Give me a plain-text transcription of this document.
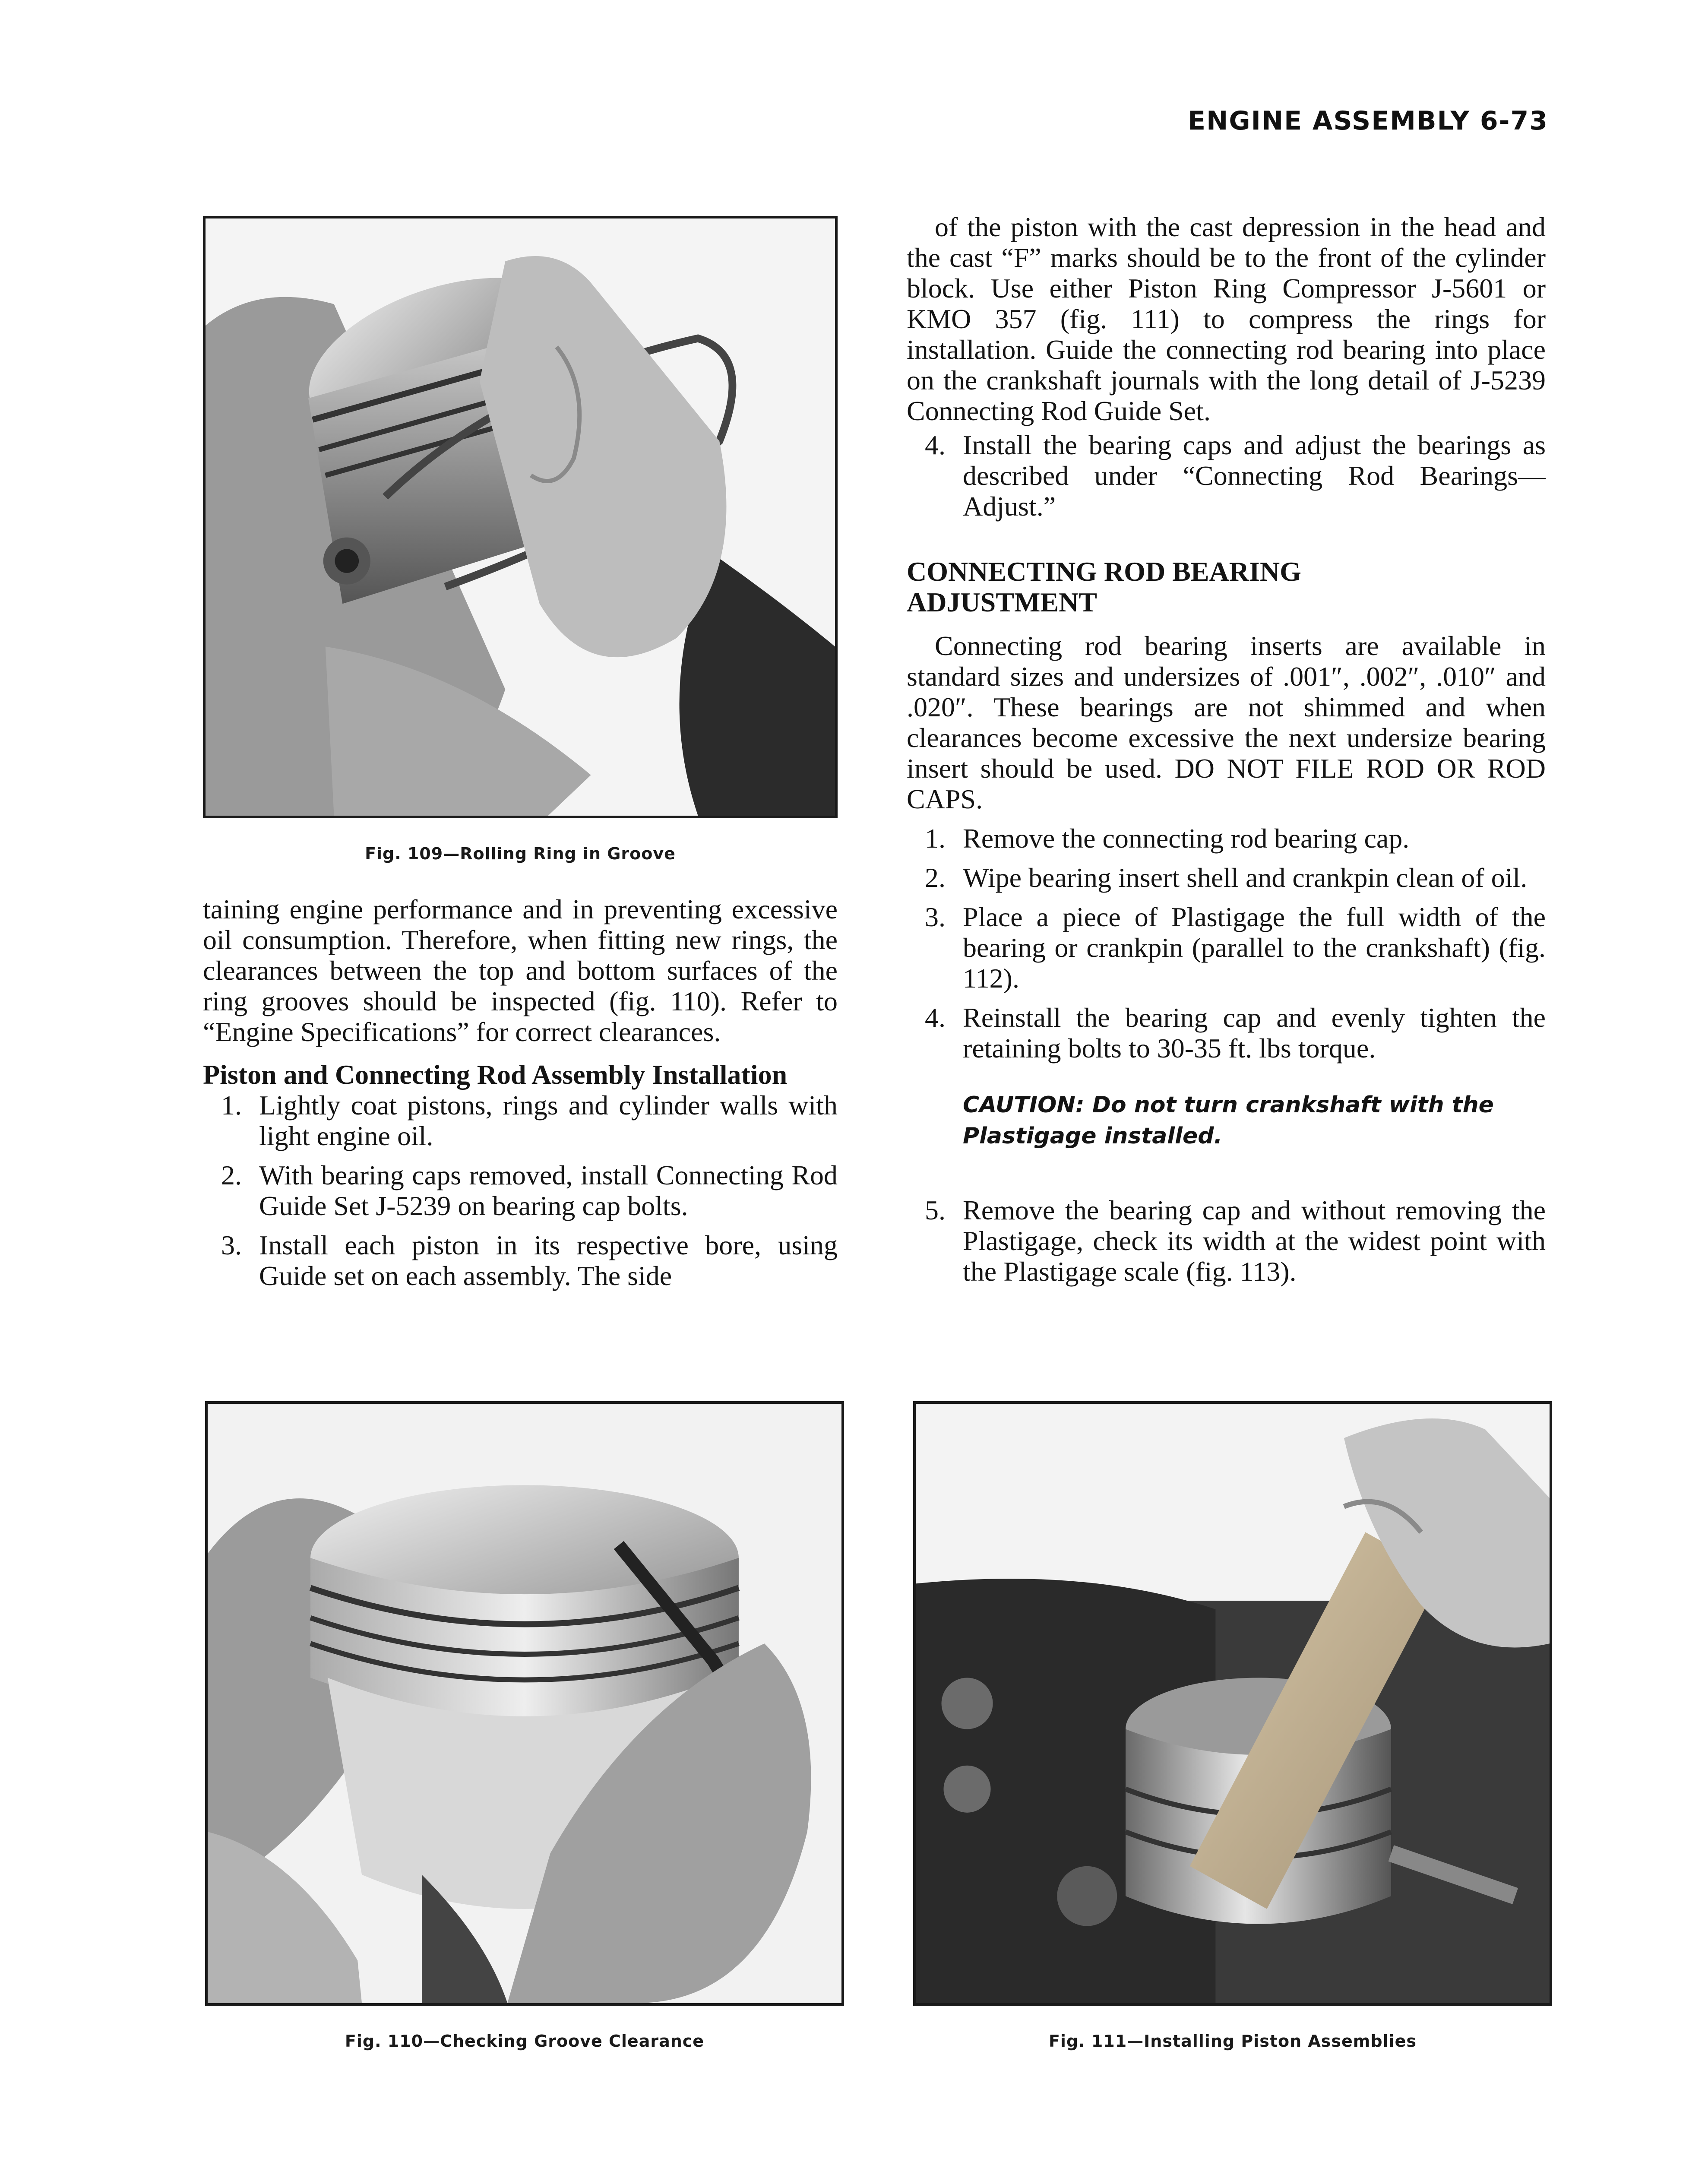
ENGINE ASSEMBLY 6-73
Fig. 109—Rolling Ring in Groove

taining engine performance and in preventing excessive oil consumption. Therefore, when fitting new rings, the clearances between the top and bottom surfaces of the ring grooves should be inspected (fig. 110). Refer to “Engine Specifications” for correct clearances.

Piston and Connecting Rod Assembly Installation

1. Lightly coat pistons, rings and cylinder walls with light engine oil.
2. With bearing caps removed, install Connecting Rod Guide Set J-5239 on bearing cap bolts.
3. Install each piston in its respective bore, using Guide set on each assembly. The side

of the piston with the cast depression in the head and the cast “F” marks should be to the front of the cylinder block. Use either Piston Ring Compressor J-5601 or KMO 357 (fig. 111) to compress the rings for installation. Guide the connecting rod bearing into place on the crankshaft journals with the long detail of J-5239 Connecting Rod Guide Set.

4. Install the bearing caps and adjust the bearings as described under “Connecting Rod Bearings—Adjust.”

CONNECTING ROD BEARING

ADJUSTMENT

Connecting rod bearing inserts are available in standard sizes and undersizes of .001″, .002″, .010″ and .020″. These bearings are not shimmed and when clearances become excessive the next undersize bearing insert should be used. DO NOT FILE ROD OR ROD CAPS.

1. Remove the connecting rod bearing cap.
2. Wipe bearing insert shell and crankpin clean of oil.
3. Place a piece of Plastigage the full width of the bearing or crankpin (parallel to the crankshaft) (fig. 112).
4. Reinstall the bearing cap and evenly tighten the retaining bolts to 30-35 ft. lbs torque.
CAUTION: Do not turn crankshaft with the Plastigage installed.
5. Remove the bearing cap and without removing the Plastigage, check its width at the widest point with the Plastigage scale (fig. 113).
Fig. 110—Checking Groove Clearance	Fig. 111—Installing Piston Assemblies
